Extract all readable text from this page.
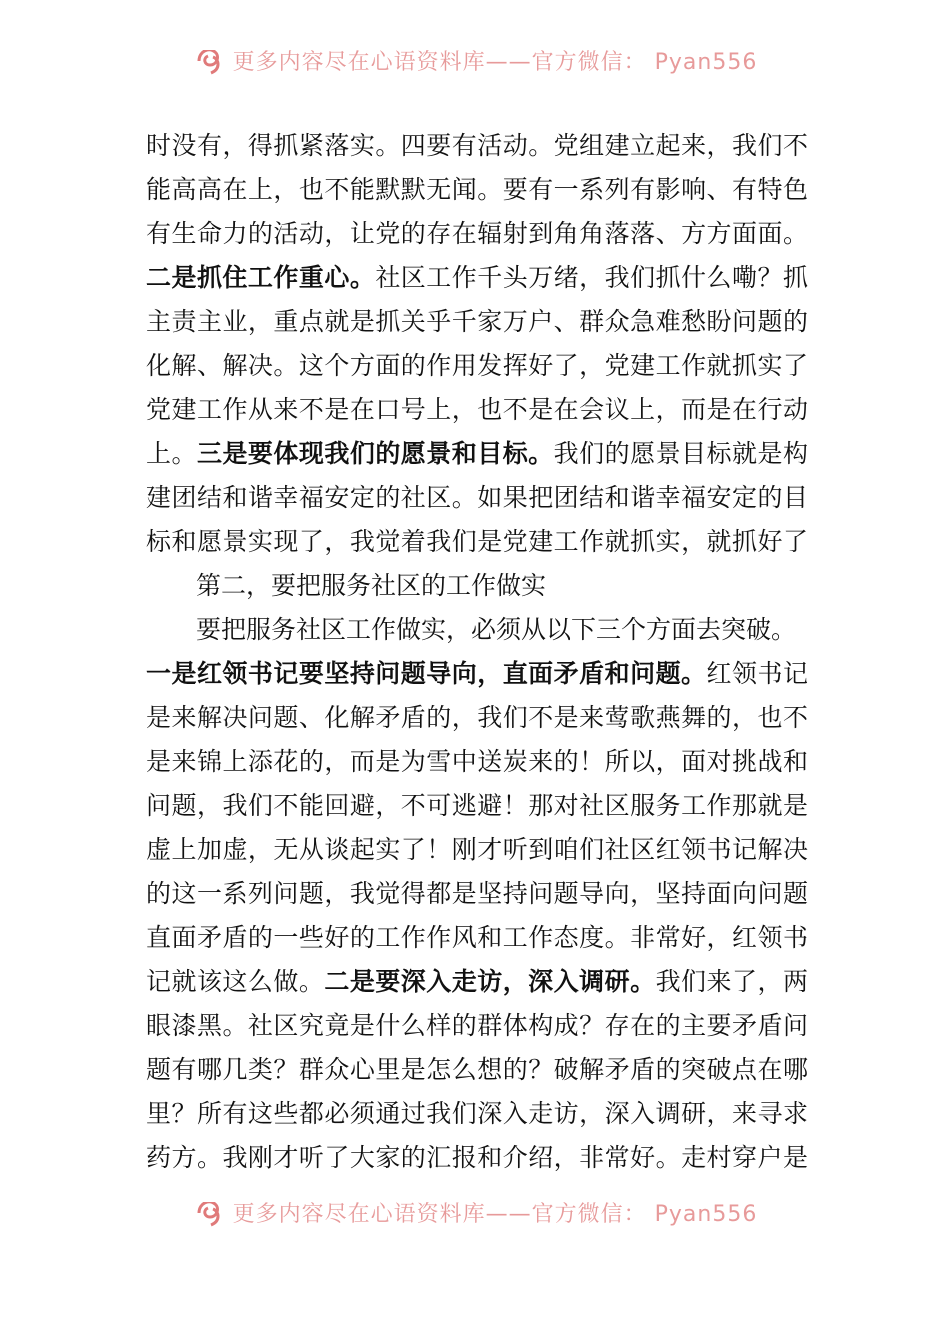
更多内容尽在心语资料库——官方微信： Pyan556
时没有，得抓紧落实。四要有活动。党组建立起来，我们不
能高高在上，也不能默默无闻。要有一系列有影响、有特色
有生命力的活动，让党的存在辐射到角角落落、方方面面。
二是抓住工作重心。社区工作千头万绪，我们抓什么嘞？抓
主责主业，重点就是抓关乎千家万户、群众急难愁盼问题的
化解、解决。这个方面的作用发挥好了，党建工作就抓实了
党建工作从来不是在口号上，也不是在会议上，而是在行动
上。三是要体现我们的愿景和目标。我们的愿景目标就是构
建团结和谐幸福安定的社区。如果把团结和谐幸福安定的目
标和愿景实现了，我觉着我们是党建工作就抓实，就抓好了
第二，要把服务社区的工作做实
要把服务社区工作做实，必须从以下三个方面去突破。
一是红领书记要坚持问题导向，直面矛盾和问题。红领书记
是来解决问题、化解矛盾的，我们不是来莺歌燕舞的，也不
是来锦上添花的，而是为雪中送炭来的！所以，面对挑战和
问题，我们不能回避，不可逃避！那对社区服务工作那就是
虚上加虚，无从谈起实了！刚才听到咱们社区红领书记解决
的这一系列问题，我觉得都是坚持问题导向，坚持面向问题
直面矛盾的一些好的工作作风和工作态度。非常好，红领书
记就该这么做。二是要深入走访，深入调研。我们来了，两
眼漆黑。社区究竟是什么样的群体构成？存在的主要矛盾问
题有哪几类？群众心里是怎么想的？破解矛盾的突破点在哪
里？所有这些都必须通过我们深入走访，深入调研，来寻求
药方。我刚才听了大家的汇报和介绍，非常好。走村穿户是
更多内容尽在心语资料库——官方微信： Pyan556
